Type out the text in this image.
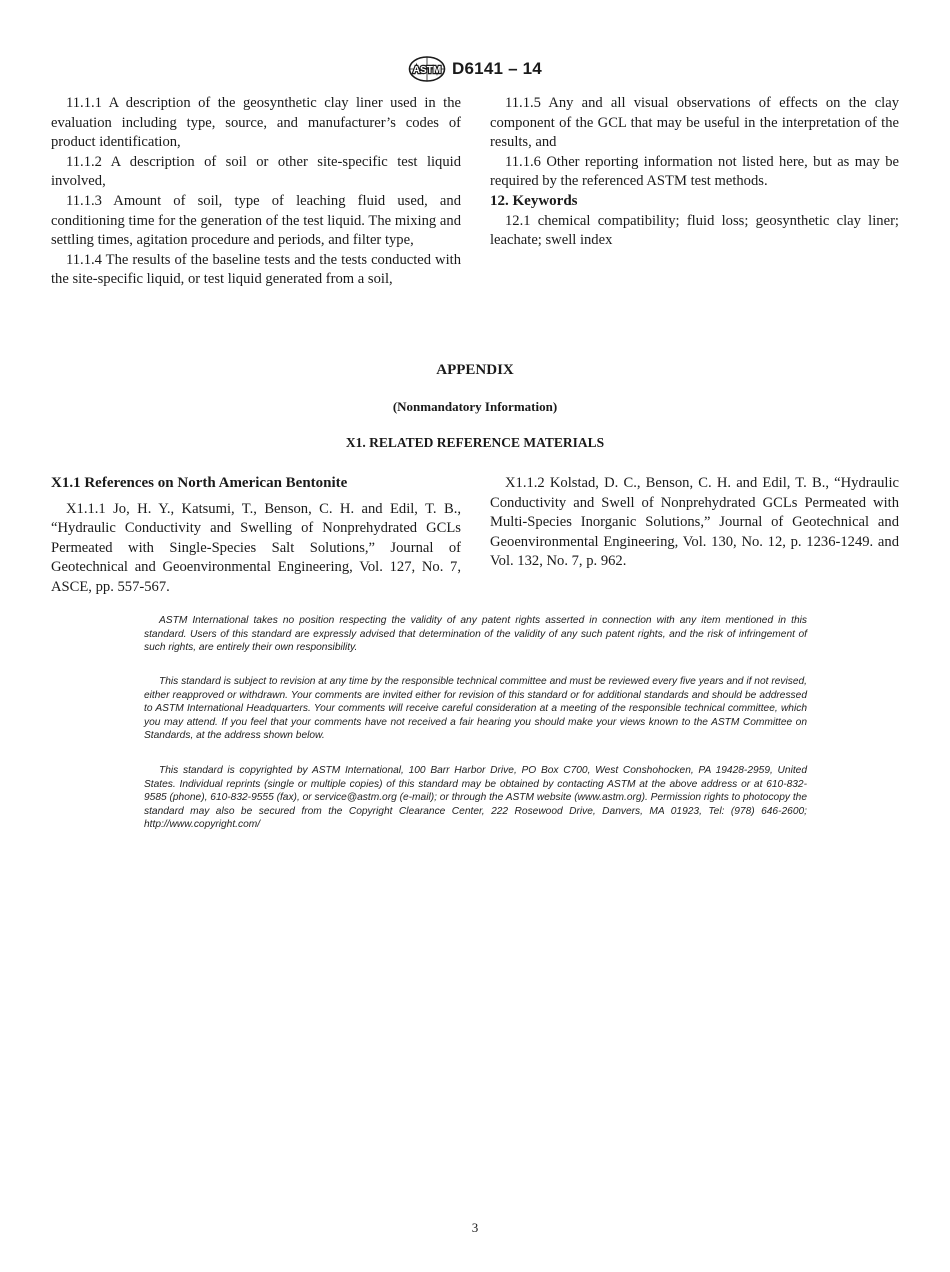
ASTM D6141 – 14

11.1.1 A description of the geosynthetic clay liner used in the evaluation including type, source, and manufacturer’s codes of product identification,

11.1.2 A description of soil or other site-specific test liquid involved,

11.1.3 Amount of soil, type of leaching fluid used, and conditioning time for the generation of the test liquid. The mixing and settling times, agitation procedure and periods, and filter type,

11.1.4 The results of the baseline tests and the tests conducted with the site-specific liquid, or test liquid generated from a soil,

11.1.5 Any and all visual observations of effects on the clay component of the GCL that may be useful in the interpretation of the results, and

11.1.6 Other reporting information not listed here, but as may be required by the referenced ASTM test methods.

12. Keywords

12.1 chemical compatibility; fluid loss; geosynthetic clay liner; leachate; swell index

APPENDIX
(Nonmandatory Information)
X1. RELATED REFERENCE MATERIALS

X1.1 References on North American Bentonite

X1.1.1 Jo, H. Y., Katsumi, T., Benson, C. H. and Edil, T. B., “Hydraulic Conductivity and Swelling of Nonprehydrated GCLs Permeated with Single-Species Salt Solutions,” Journal of Geotechnical and Geoenvironmental Engineering, Vol. 127, No. 7, ASCE, pp. 557-567.

X1.1.2 Kolstad, D. C., Benson, C. H. and Edil, T. B., “Hydraulic Conductivity and Swell of Nonprehydrated GCLs Permeated with Multi-Species Inorganic Solutions,” Journal of Geotechnical and Geoenvironmental Engineering, Vol. 130, No. 12, p. 1236-1249. and Vol. 132, No. 7, p. 962.

ASTM International takes no position respecting the validity of any patent rights asserted in connection with any item mentioned in this standard. Users of this standard are expressly advised that determination of the validity of any such patent rights, and the risk of infringement of such rights, are entirely their own responsibility.

This standard is subject to revision at any time by the responsible technical committee and must be reviewed every five years and if not revised, either reapproved or withdrawn. Your comments are invited either for revision of this standard or for additional standards and should be addressed to ASTM International Headquarters. Your comments will receive careful consideration at a meeting of the responsible technical committee, which you may attend. If you feel that your comments have not received a fair hearing you should make your views known to the ASTM Committee on Standards, at the address shown below.

This standard is copyrighted by ASTM International, 100 Barr Harbor Drive, PO Box C700, West Conshohocken, PA 19428-2959, United States. Individual reprints (single or multiple copies) of this standard may be obtained by contacting ASTM at the above address or at 610-832-9585 (phone), 610-832-9555 (fax), or service@astm.org (e-mail); or through the ASTM website (www.astm.org). Permission rights to photocopy the standard may also be secured from the Copyright Clearance Center, 222 Rosewood Drive, Danvers, MA 01923, Tel: (978) 646-2600; http://www.copyright.com/

3
